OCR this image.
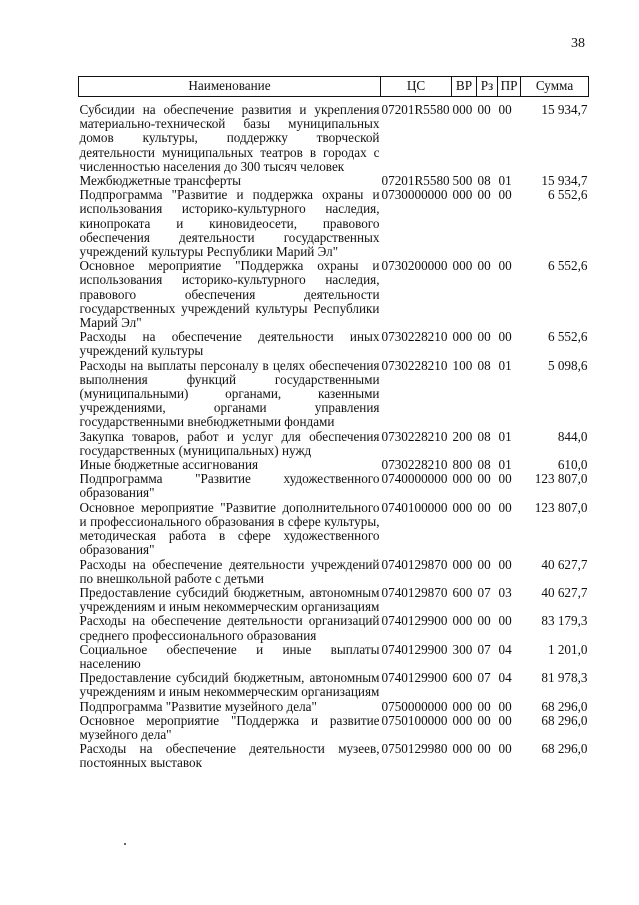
38
Наименование	ЦС	ВР	Рз	ПР	Сумма

Субсидии на обеспечение развития и укрепления материально-технической базы муниципальных домов культуры, поддержку творческой деятельности муниципальных театров в городах с численностью населения до 300 тысяч человек	07201R5580	000	00	00	15 934,7
Межбюджетные трансферты	07201R5580	500	08	01	15 934,7
Подпрограмма "Развитие и поддержка охраны и использования историко-культурного наследия, кинопроката и киновидеосети, правового обеспечения деятельности государственных учреждений культуры Республики Марий Эл"	0730000000	000	00	00	6 552,6
Основное мероприятие "Поддержка охраны и использования историко-культурного наследия, правового обеспечения деятельности государственных учреждений культуры Республики Марий Эл"	0730200000	000	00	00	6 552,6
Расходы на обеспечение деятельности иных учреждений культуры	0730228210	000	00	00	6 552,6
Расходы на выплаты персоналу в целях обеспечения выполнения функций государственными (муниципальными) органами, казенными учреждениями, органами управления государственными внебюджетными фондами	0730228210	100	08	01	5 098,6
Закупка товаров, работ и услуг для обеспечения государственных (муниципальных) нужд	0730228210	200	08	01	844,0
Иные бюджетные ассигнования	0730228210	800	08	01	610,0
Подпрограмма "Развитие художественного образования"	0740000000	000	00	00	123 807,0
Основное мероприятие "Развитие дополнительного и профессионального образования в сфере культуры, методическая работа в сфере художественного образования"	0740100000	000	00	00	123 807,0
Расходы на обеспечение деятельности учреждений по внешкольной работе с детьми	0740129870	000	00	00	40 627,7
Предоставление субсидий бюджетным, автономным учреждениям и иным некоммерческим организациям	0740129870	600	07	03	40 627,7
Расходы на обеспечение деятельности организаций среднего профессионального образования	0740129900	000	00	00	83 179,3
Социальное обеспечение и иные выплаты населению	0740129900	300	07	04	1 201,0
Предоставление субсидий бюджетным, автономным учреждениям и иным некоммерческим организациям	0740129900	600	07	04	81 978,3
Подпрограмма "Развитие музейного дела"	0750000000	000	00	00	68 296,0
Основное мероприятие "Поддержка и развитие музейного дела"	0750100000	000	00	00	68 296,0
Расходы на обеспечение деятельности музеев, постоянных выставок	0750129980	000	00	00	68 296,0
